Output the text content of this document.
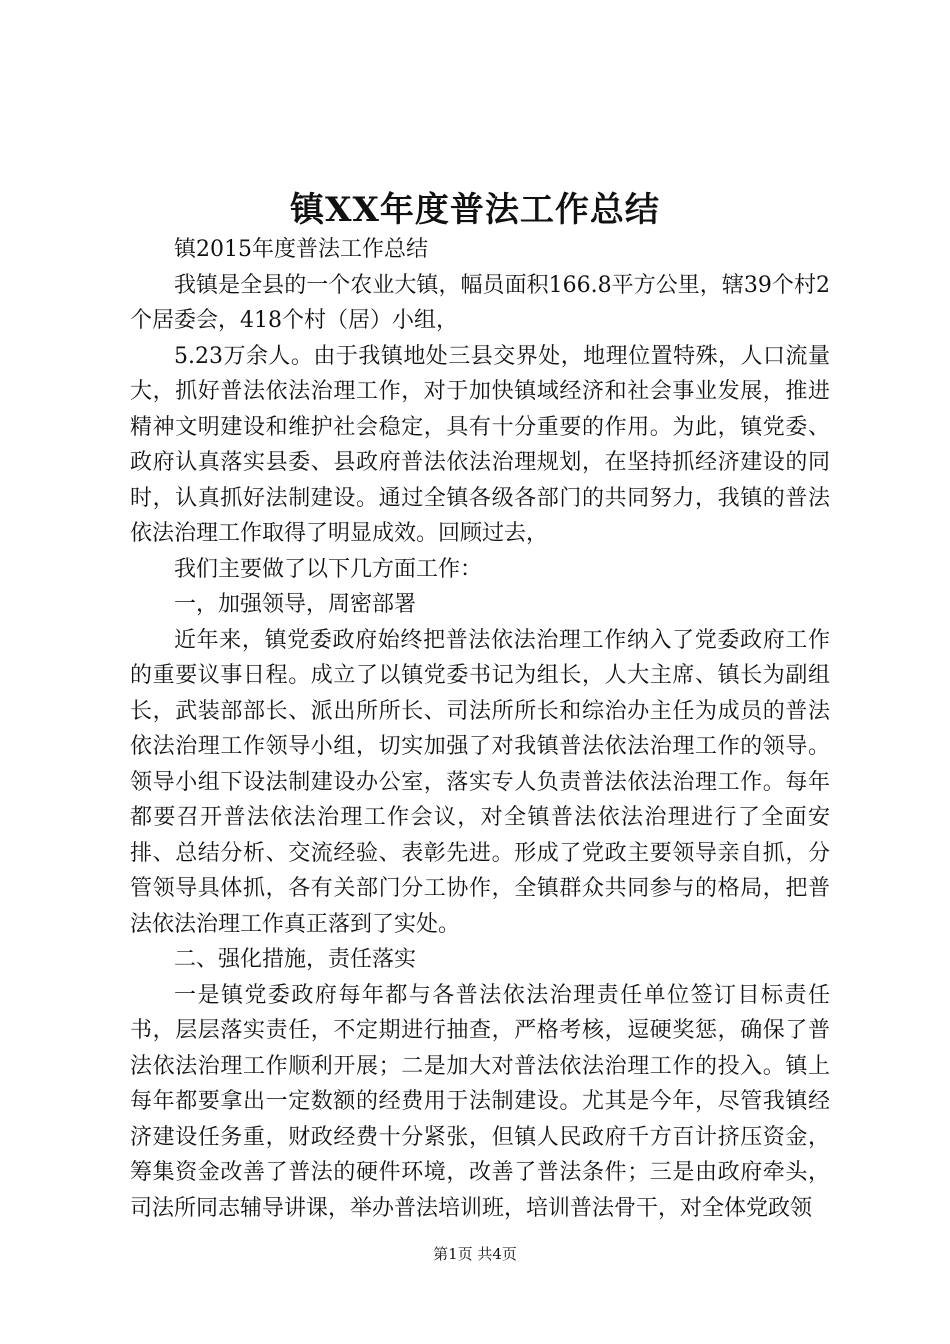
镇XX年度普法工作总结

镇2015年度普法工作总结

我镇是全县的一个农业大镇，幅员面积166.8平方公里，辖39个村2个居委会，418个村（居）小组，

5.23万余人。由于我镇地处三县交界处，地理位置特殊，人口流量大，抓好普法依法治理工作，对于加快镇域经济和社会事业发展，推进精神文明建设和维护社会稳定，具有十分重要的作用。为此，镇党委、政府认真落实县委、县政府普法依法治理规划，在坚持抓经济建设的同时，认真抓好法制建设。通过全镇各级各部门的共同努力，我镇的普法依法治理工作取得了明显成效。回顾过去，

我们主要做了以下几方面工作：

一，加强领导，周密部署

近年来，镇党委政府始终把普法依法治理工作纳入了党委政府工作的重要议事日程。成立了以镇党委书记为组长，人大主席、镇长为副组长，武装部部长、派出所所长、司法所所长和综治办主任为成员的普法依法治理工作领导小组，切实加强了对我镇普法依法治理工作的领导。领导小组下设法制建设办公室，落实专人负责普法依法治理工作。每年都要召开普法依法治理工作会议，对全镇普法依法治理进行了全面安排、总结分析、交流经验、表彰先进。形成了党政主要领导亲自抓，分管领导具体抓，各有关部门分工协作，全镇群众共同参与的格局，把普法依法治理工作真正落到了实处。

二、强化措施，责任落实

一是镇党委政府每年都与各普法依法治理责任单位签订目标责任书，层层落实责任，不定期进行抽查，严格考核，逗硬奖惩，确保了普法依法治理工作顺利开展；二是加大对普法依法治理工作的投入。镇上每年都要拿出一定数额的经费用于法制建设。尤其是今年，尽管我镇经济建设任务重，财政经费十分紧张，但镇人民政府千方百计挤压资金，筹集资金改善了普法的硬件环境，改善了普法条件；三是由政府牵头，司法所同志辅导讲课，举办普法培训班，培训普法骨干，对全体党政领

第1页 共4页
